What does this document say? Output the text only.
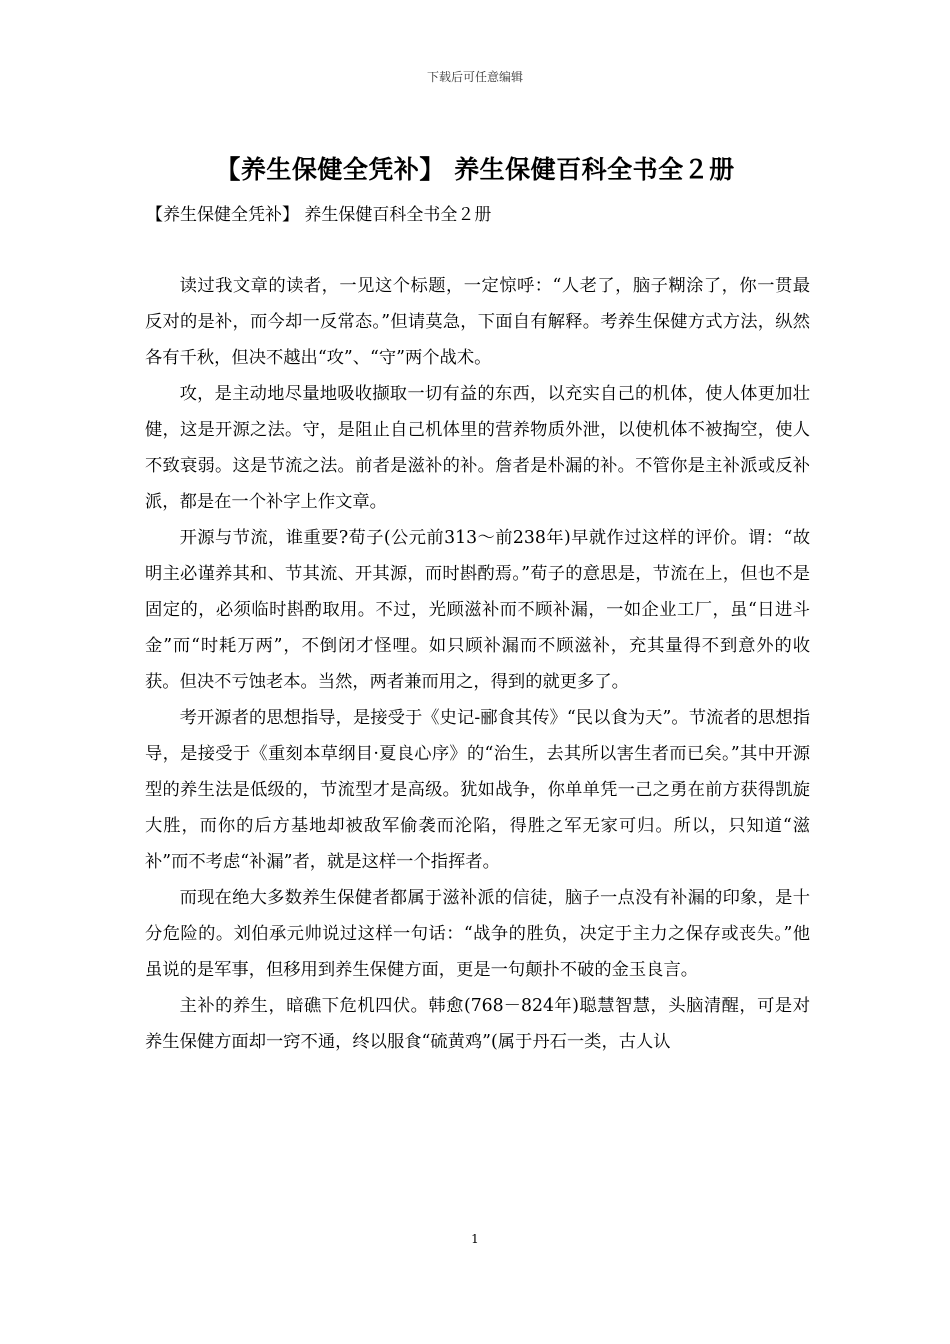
下载后可任意编辑
【养生保健全凭补】 养生保健百科全书全２册
【养生保健全凭补】 养生保健百科全书全２册

读过我文章的读者，一见这个标题，一定惊呼：“人老了，脑子糊涂了，你一贯最反对的是补，而今却一反常态。”但请莫急，下面自有解释。考养生保健方式方法，纵然各有千秋，但决不越出“攻”、“守”两个战术。

攻，是主动地尽量地吸收撷取一切有益的东西，以充实自己的机体，使人体更加壮健，这是开源之法。守，是阻止自己机体里的营养物质外泄，以使机体不被掏空，使人不致衰弱。这是节流之法。前者是滋补的补。詹者是朴漏的补。不管你是主补派或反补派，都是在一个补字上作文章。

开源与节流，谁重要?荀子(公元前313～前238年)早就作过这样的评价。谓：“故明主必谨养其和、节其流、开其源，而时斟酌焉。”荀子的意思是，节流在上，但也不是固定的，必须临时斟酌取用。不过，光顾滋补而不顾补漏，一如企业工厂，虽“日进斗金”而“时耗万两”，不倒闭才怪哩。如只顾补漏而不顾滋补，充其量得不到意外的收获。但决不亏蚀老本。当然，两者兼而用之，得到的就更多了。

考开源者的思想指导，是接受于《史记-郦食其传》“民以食为天”。节流者的思想指导，是接受于《重刻本草纲目·夏良心序》的“治生，去其所以害生者而已矣。”其中开源型的养生法是低级的，节流型才是高级。犹如战争，你单单凭一己之勇在前方获得凯旋大胜，而你的后方基地却被敌军偷袭而沦陷，得胜之军无家可归。所以，只知道“滋补”而不考虑“补漏”者，就是这样一个指挥者。

而现在绝大多数养生保健者都属于滋补派的信徒，脑子一点没有补漏的印象，是十分危险的。刘伯承元帅说过这样一句话：“战争的胜负，决定于主力之保存或丧失。”他虽说的是军事，但移用到养生保健方面，更是一句颠扑不破的金玉良言。

主补的养生，暗礁下危机四伏。韩愈(768－824年)聪慧智慧，头脑清醒，可是对养生保健方面却一窍不通，终以服食“硫黄鸡”(属于丹石一类，古人认

1
